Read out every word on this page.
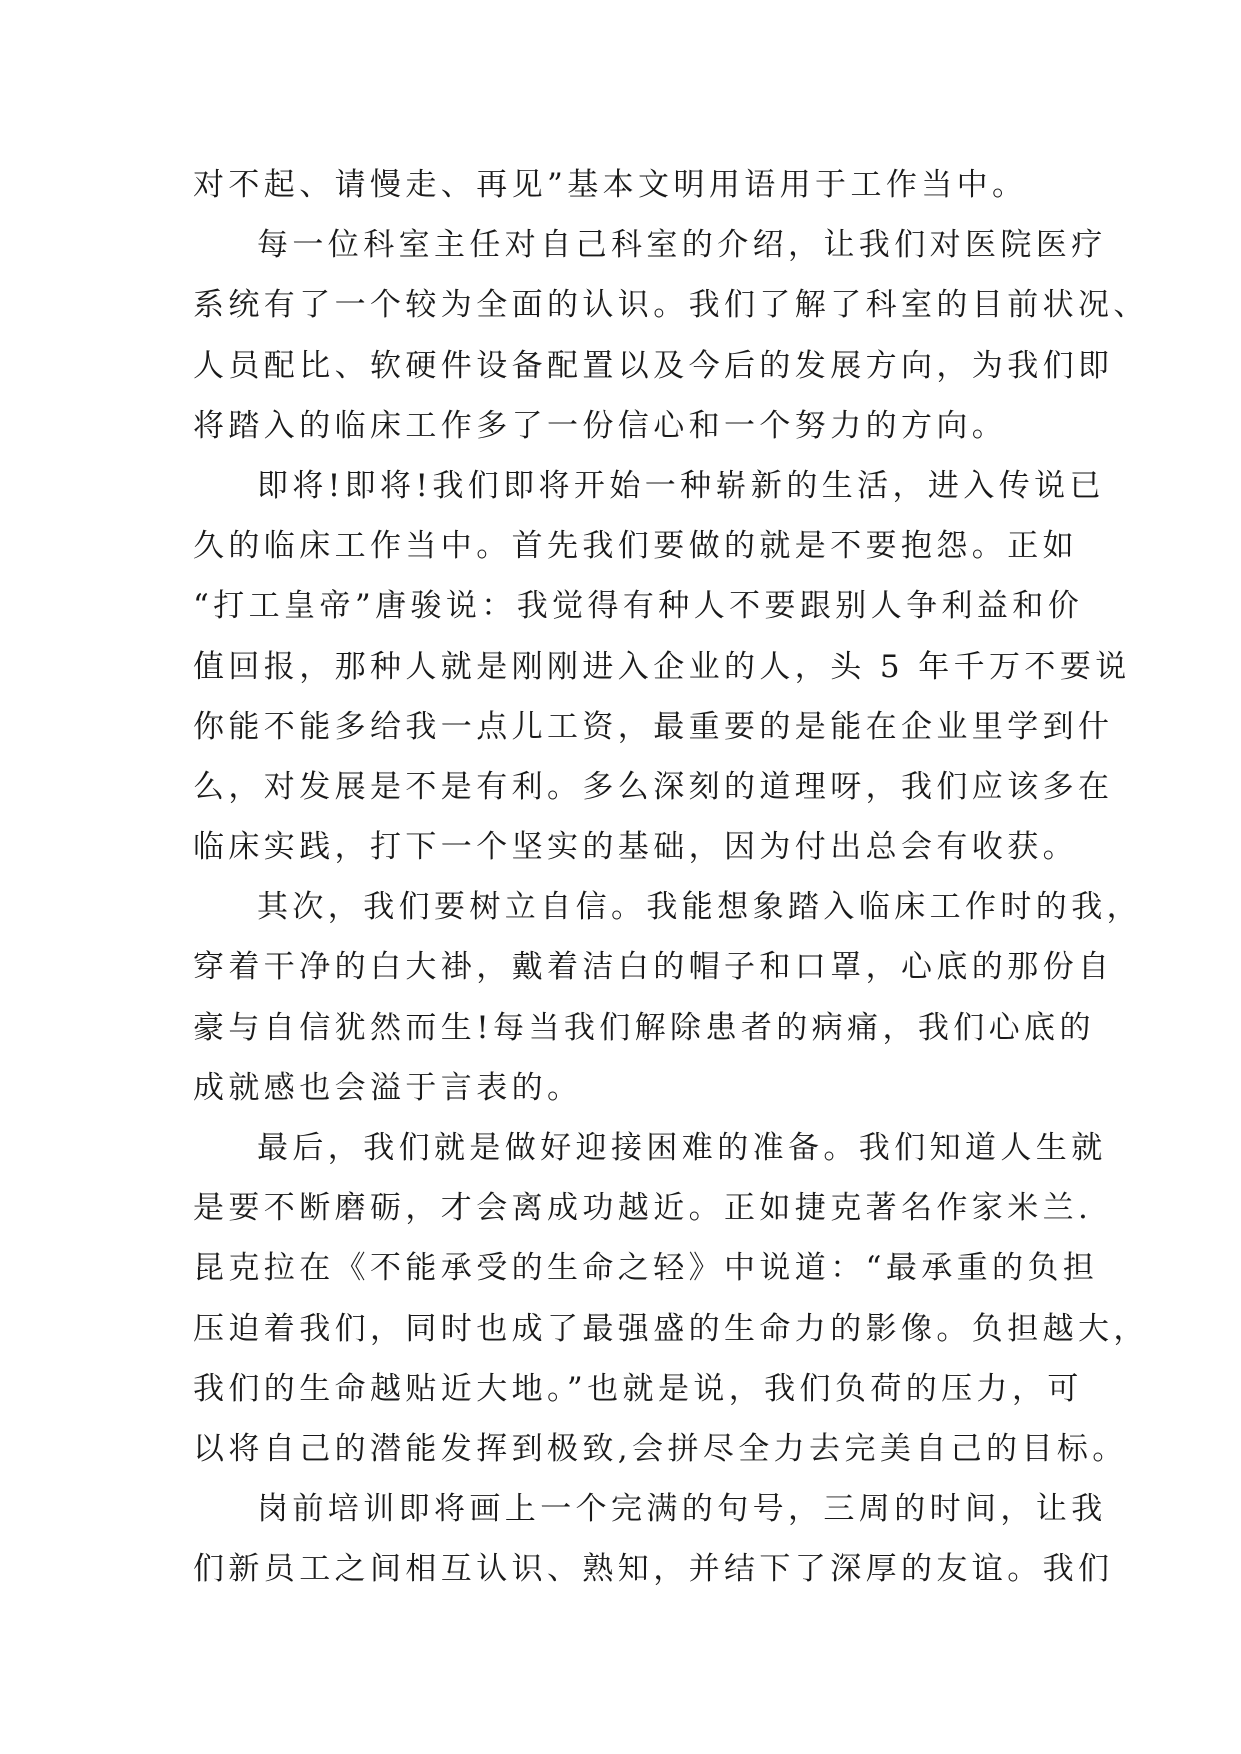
对不起、请慢走、再见”基本文明用语用于工作当中。
每一位科室主任对自己科室的介绍，让我们对医院医疗
系统有了一个较为全面的认识。我们了解了科室的目前状况、
人员配比、软硬件设备配置以及今后的发展方向，为我们即
将踏入的临床工作多了一份信心和一个努力的方向。
即将!即将!我们即将开始一种崭新的生活，进入传说已
久的临床工作当中。首先我们要做的就是不要抱怨。正如
“打工皇帝”唐骏说：我觉得有种人不要跟别人争利益和价
值回报，那种人就是刚刚进入企业的人，头 5 年千万不要说
你能不能多给我一点儿工资，最重要的是能在企业里学到什
么，对发展是不是有利。多么深刻的道理呀，我们应该多在
临床实践，打下一个坚实的基础，因为付出总会有收获。
其次，我们要树立自信。我能想象踏入临床工作时的我，
穿着干净的白大褂，戴着洁白的帽子和口罩，心底的那份自
豪与自信犹然而生!每当我们解除患者的病痛，我们心底的
成就感也会溢于言表的。
最后，我们就是做好迎接困难的准备。我们知道人生就
是要不断磨砺，才会离成功越近。正如捷克著名作家米兰.
昆克拉在《不能承受的生命之轻》中说道：“最承重的负担
压迫着我们，同时也成了最强盛的生命力的影像。负担越大，
我们的生命越贴近大地。”也就是说，我们负荷的压力，可
以将自己的潜能发挥到极致,会拼尽全力去完美自己的目标。
岗前培训即将画上一个完满的句号，三周的时间，让我
们新员工之间相互认识、熟知，并结下了深厚的友谊。我们
